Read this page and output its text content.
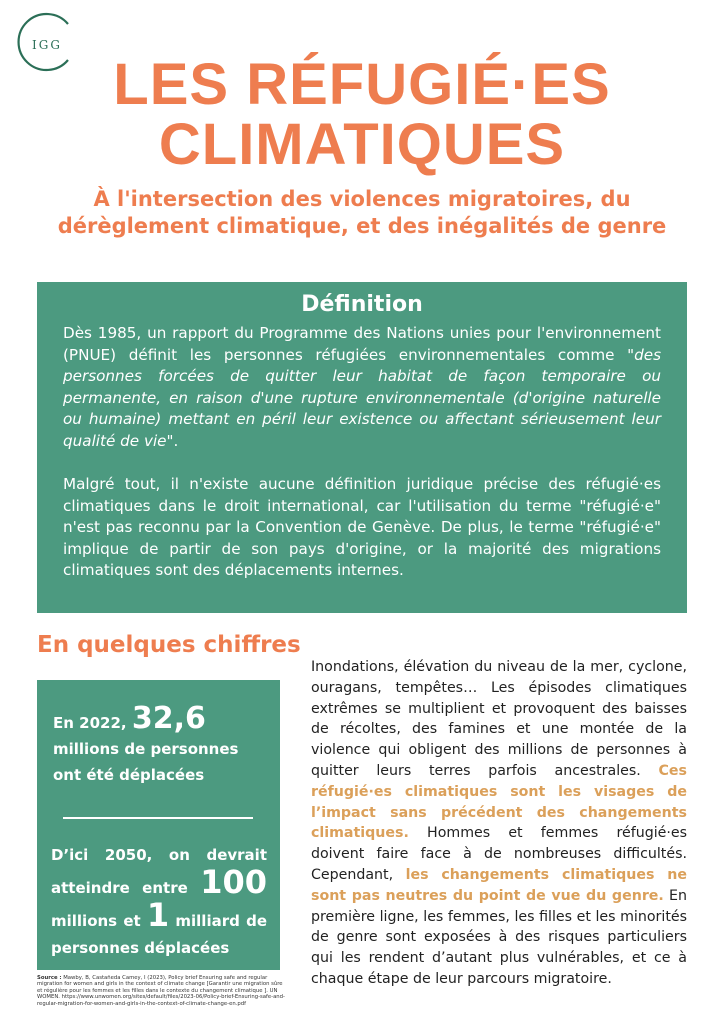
IGG
LES RÉFUGIÉ·ES
CLIMATIQUES

À l'intersection des violences migratoires, du
dérèglement climatique, et des inégalités de genre

Définition

Dès 1985, un rapport du Programme des Nations unies pour l'environnement (PNUE) définit les personnes réfugiées environnementales comme "des personnes forcées de quitter leur habitat de façon temporaire ou permanente, en raison d'une rupture environnementale (d'origine naturelle ou humaine) mettant en péril leur existence ou affectant sérieusement leur qualité de vie".

Malgré tout, il n'existe aucune définition juridique précise des réfugié·es climatiques dans le droit international, car l'utilisation du terme "réfugié·e" n'est pas reconnu par la Convention de Genève. De plus, le terme "réfugié·e" implique de partir de son pays d'origine, or la majorité des migrations climatiques sont des déplacements internes.

En quelques chiffres
En 2022, 32,6 millions de personnes ont été déplacées
D’ici 2050, on devrait atteindre entre 100 millions et 1 milliard de personnes déplacées
Source : Mawby, B, Castañeda Camey, I (2023), Policy brief Ensuring safe and regular migration for women and girls in the context of climate change [Garantir une migration sûre et régulière pour les femmes et les filles dans le contexte du changement climatique ]. UN WOMEN. https://www.unwomen.org/sites/default/files/2023-06/Policy-brief-Ensuring-safe-and-regular-migration-for-women-and-girls-in-the-context-of-climate-change-en.pdf

Inondations, élévation du niveau de la mer, cyclone, ouragans, tempêtes… Les épisodes climatiques extrêmes se multiplient et provoquent des baisses de récoltes, des famines et une montée de la violence qui obligent des millions de personnes à quitter leurs terres parfois ancestrales. Ces réfugié·es climatiques sont les visages de l’impact sans précédent des changements climatiques. Hommes et femmes réfugié·es doivent faire face à de nombreuses difficultés. Cependant, les changements climatiques ne sont pas neutres du point de vue du genre. En première ligne, les femmes, les filles et les minorités de genre sont exposées à des risques particuliers qui les rendent d’autant plus vulnérables, et ce à chaque étape de leur parcours migratoire.
